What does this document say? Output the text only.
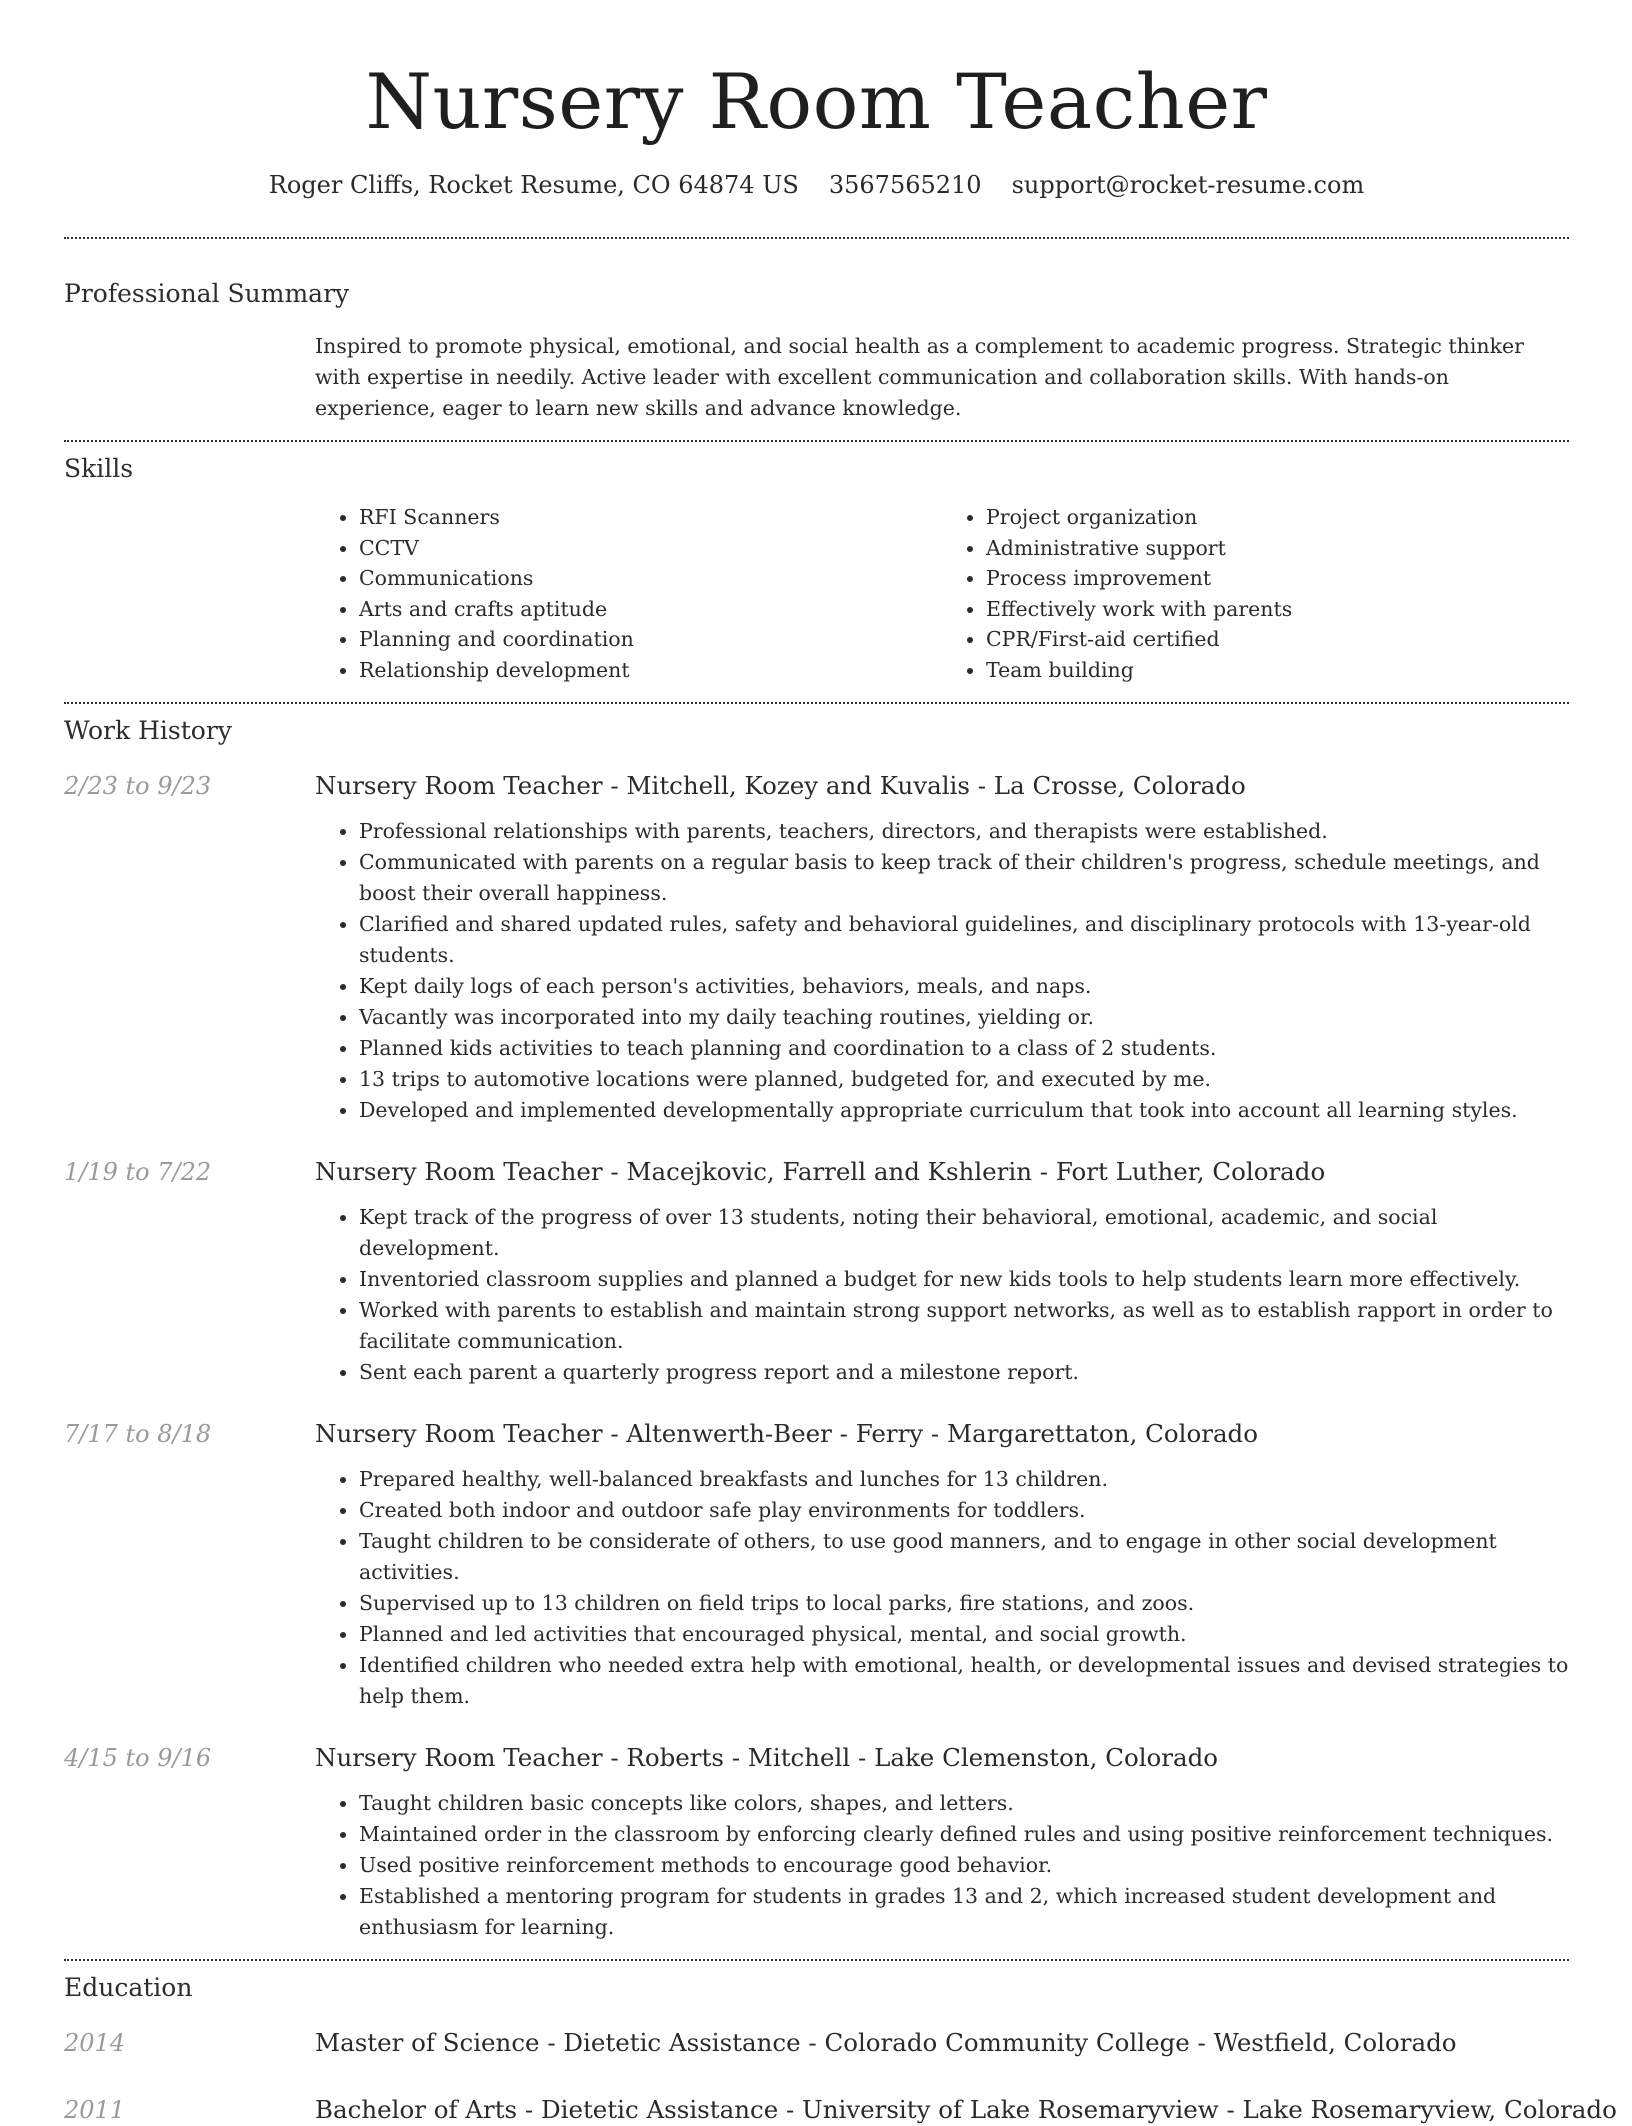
Nursery Room Teacher
Roger Cliffs, Rocket Resume, CO 64874 US 3567565210 support@rocket-resume.com
Professional Summary
Inspired to promote physical, emotional, and social health as a complement to academic progress. Strategic thinker with expertise in needily. Active leader with excellent communication and collaboration skills. With hands-on experience, eager to learn new skills and advance knowledge.
Skills
• RFI Scanners
• CCTV
• Communications
• Arts and crafts aptitude
• Planning and coordination
• Relationship development
• Project organization
• Administrative support
• Process improvement
• Effectively work with parents
• CPR/First-aid certified
• Team building
Work History
2/23 to 9/23	Nursery Room Teacher - Mitchell, Kozey and Kuvalis - La Crosse, Colorado
• Professional relationships with parents, teachers, directors, and therapists were established.
• Communicated with parents on a regular basis to keep track of their children's progress, schedule meetings, and boost their overall happiness.
• Clarified and shared updated rules, safety and behavioral guidelines, and disciplinary protocols with 13-year-old students.
• Kept daily logs of each person's activities, behaviors, meals, and naps.
• Vacantly was incorporated into my daily teaching routines, yielding or.
• Planned kids activities to teach planning and coordination to a class of 2 students.
• 13 trips to automotive locations were planned, budgeted for, and executed by me.
• Developed and implemented developmentally appropriate curriculum that took into account all learning styles.
1/19 to 7/22	Nursery Room Teacher - Macejkovic, Farrell and Kshlerin - Fort Luther, Colorado
• Kept track of the progress of over 13 students, noting their behavioral, emotional, academic, and social development.
• Inventoried classroom supplies and planned a budget for new kids tools to help students learn more effectively.
• Worked with parents to establish and maintain strong support networks, as well as to establish rapport in order to facilitate communication.
• Sent each parent a quarterly progress report and a milestone report.
7/17 to 8/18	Nursery Room Teacher - Altenwerth-Beer - Ferry - Margarettaton, Colorado
• Prepared healthy, well-balanced breakfasts and lunches for 13 children.
• Created both indoor and outdoor safe play environments for toddlers.
• Taught children to be considerate of others, to use good manners, and to engage in other social development activities.
• Supervised up to 13 children on field trips to local parks, fire stations, and zoos.
• Planned and led activities that encouraged physical, mental, and social growth.
• Identified children who needed extra help with emotional, health, or developmental issues and devised strategies to help them.
4/15 to 9/16	Nursery Room Teacher - Roberts - Mitchell - Lake Clemenston, Colorado
• Taught children basic concepts like colors, shapes, and letters.
• Maintained order in the classroom by enforcing clearly defined rules and using positive reinforcement techniques.
• Used positive reinforcement methods to encourage good behavior.
• Established a mentoring program for students in grades 13 and 2, which increased student development and enthusiasm for learning.
Education
2014	Master of Science - Dietetic Assistance - Colorado Community College - Westfield, Colorado
2011	Bachelor of Arts - Dietetic Assistance - University of Lake Rosemaryview - Lake Rosemaryview, Colorado
